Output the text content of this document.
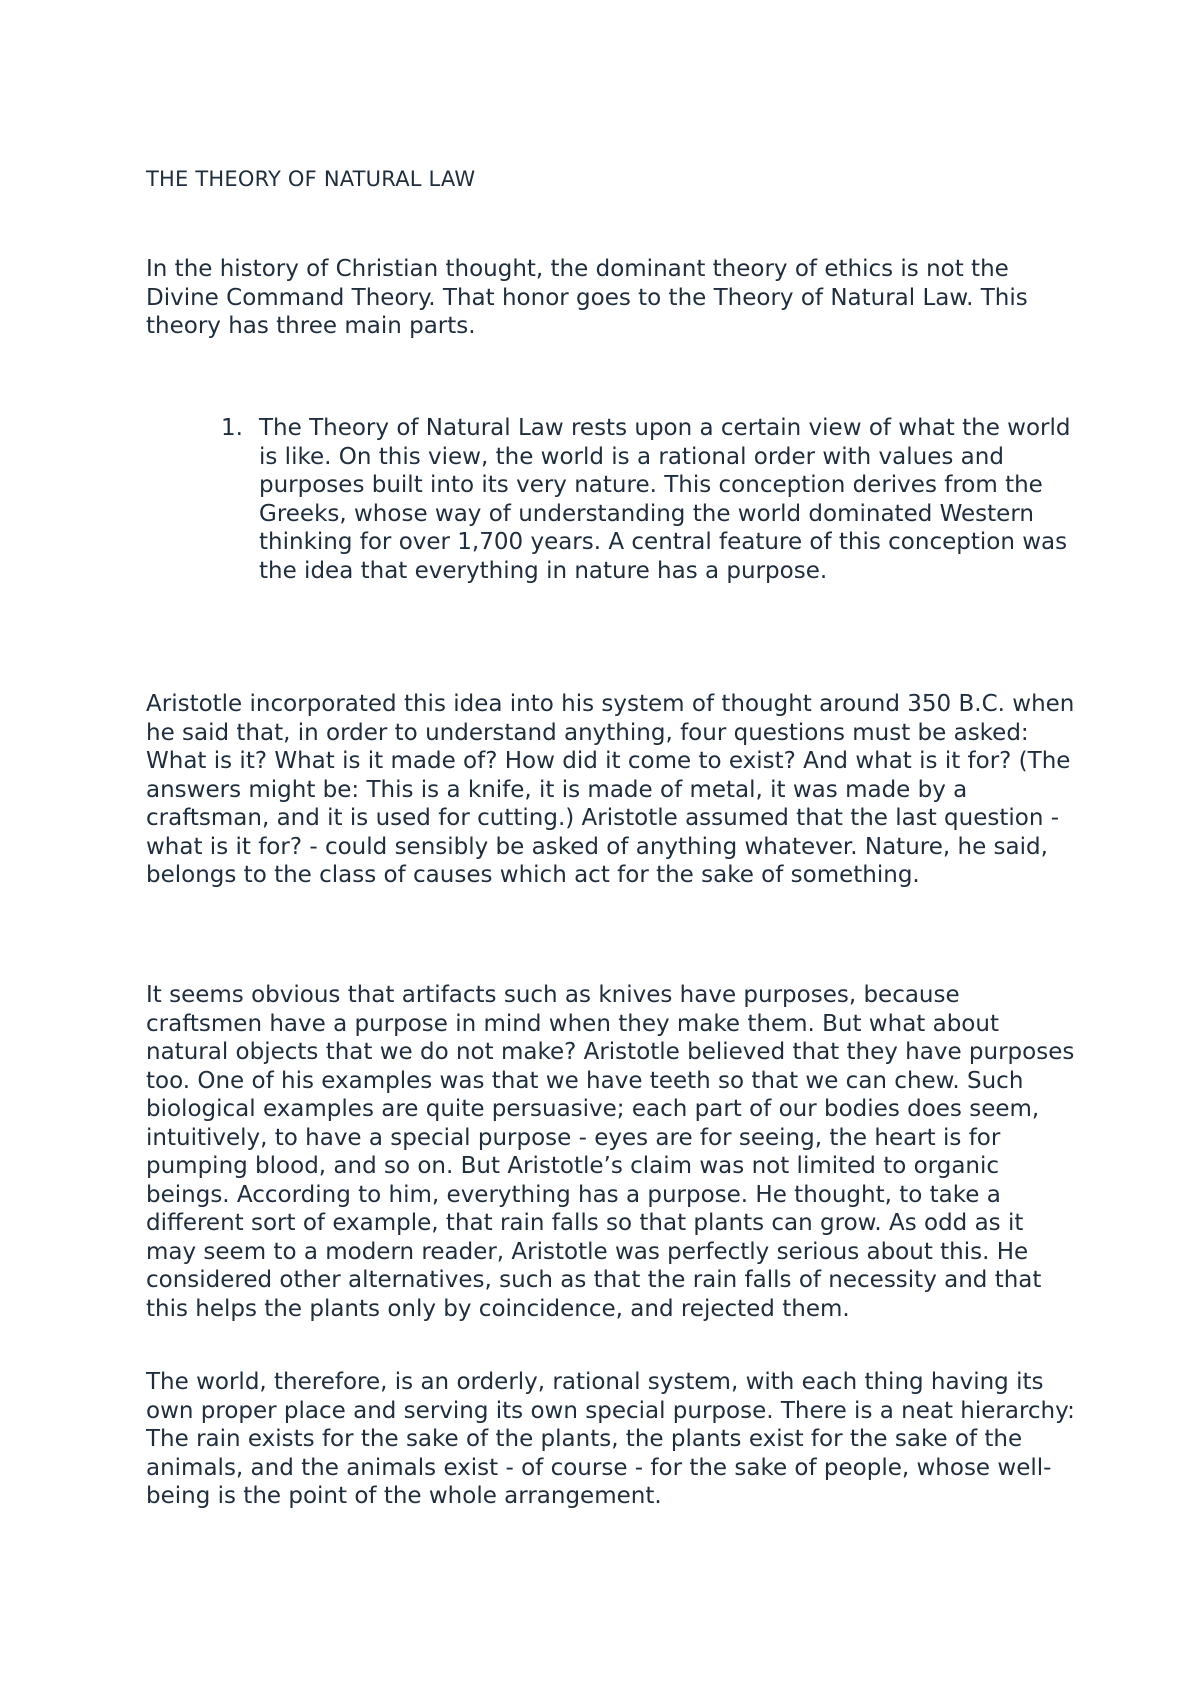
THE THEORY OF NATURAL LAW

In the history of Christian thought, the dominant theory of ethics is not the Divine Command Theory. That honor goes to the Theory of Natural Law. This theory has three main parts.

1. The Theory of Natural Law rests upon a certain view of what the world is like. On this view, the world is a rational order with values and purposes built into its very nature. This conception derives from the Greeks, whose way of understanding the world dominated Western thinking for over 1,700 years. A central feature of this conception was the idea that everything in nature has a purpose.

Aristotle incorporated this idea into his system of thought around 350 B.C. when he said that, in order to understand anything, four questions must be asked: What is it? What is it made of? How did it come to exist? And what is it for? (The answers might be: This is a knife, it is made of metal, it was made by a craftsman, and it is used for cutting.) Aristotle assumed that the last question - what is it for? - could sensibly be asked of anything whatever. Nature, he said, belongs to the class of causes which act for the sake of something.

It seems obvious that artifacts such as knives have purposes, because craftsmen have a purpose in mind when they make them. But what about natural objects that we do not make? Aristotle believed that they have purposes too. One of his examples was that we have teeth so that we can chew. Such biological examples are quite persuasive; each part of our bodies does seem, intuitively, to have a special purpose - eyes are for seeing, the heart is for pumping blood, and so on. But Aristotle’s claim was not limited to organic beings. According to him, everything has a purpose. He thought, to take a different sort of example, that rain falls so that plants can grow. As odd as it may seem to a modern reader, Aristotle was perfectly serious about this. He considered other alternatives, such as that the rain falls of necessity and that this helps the plants only by coincidence, and rejected them.

The world, therefore, is an orderly, rational system, with each thing having its own proper place and serving its own special purpose. There is a neat hierarchy: The rain exists for the sake of the plants, the plants exist for the sake of the animals, and the animals exist - of course - for the sake of people, whose well- being is the point of the whole arrangement.
